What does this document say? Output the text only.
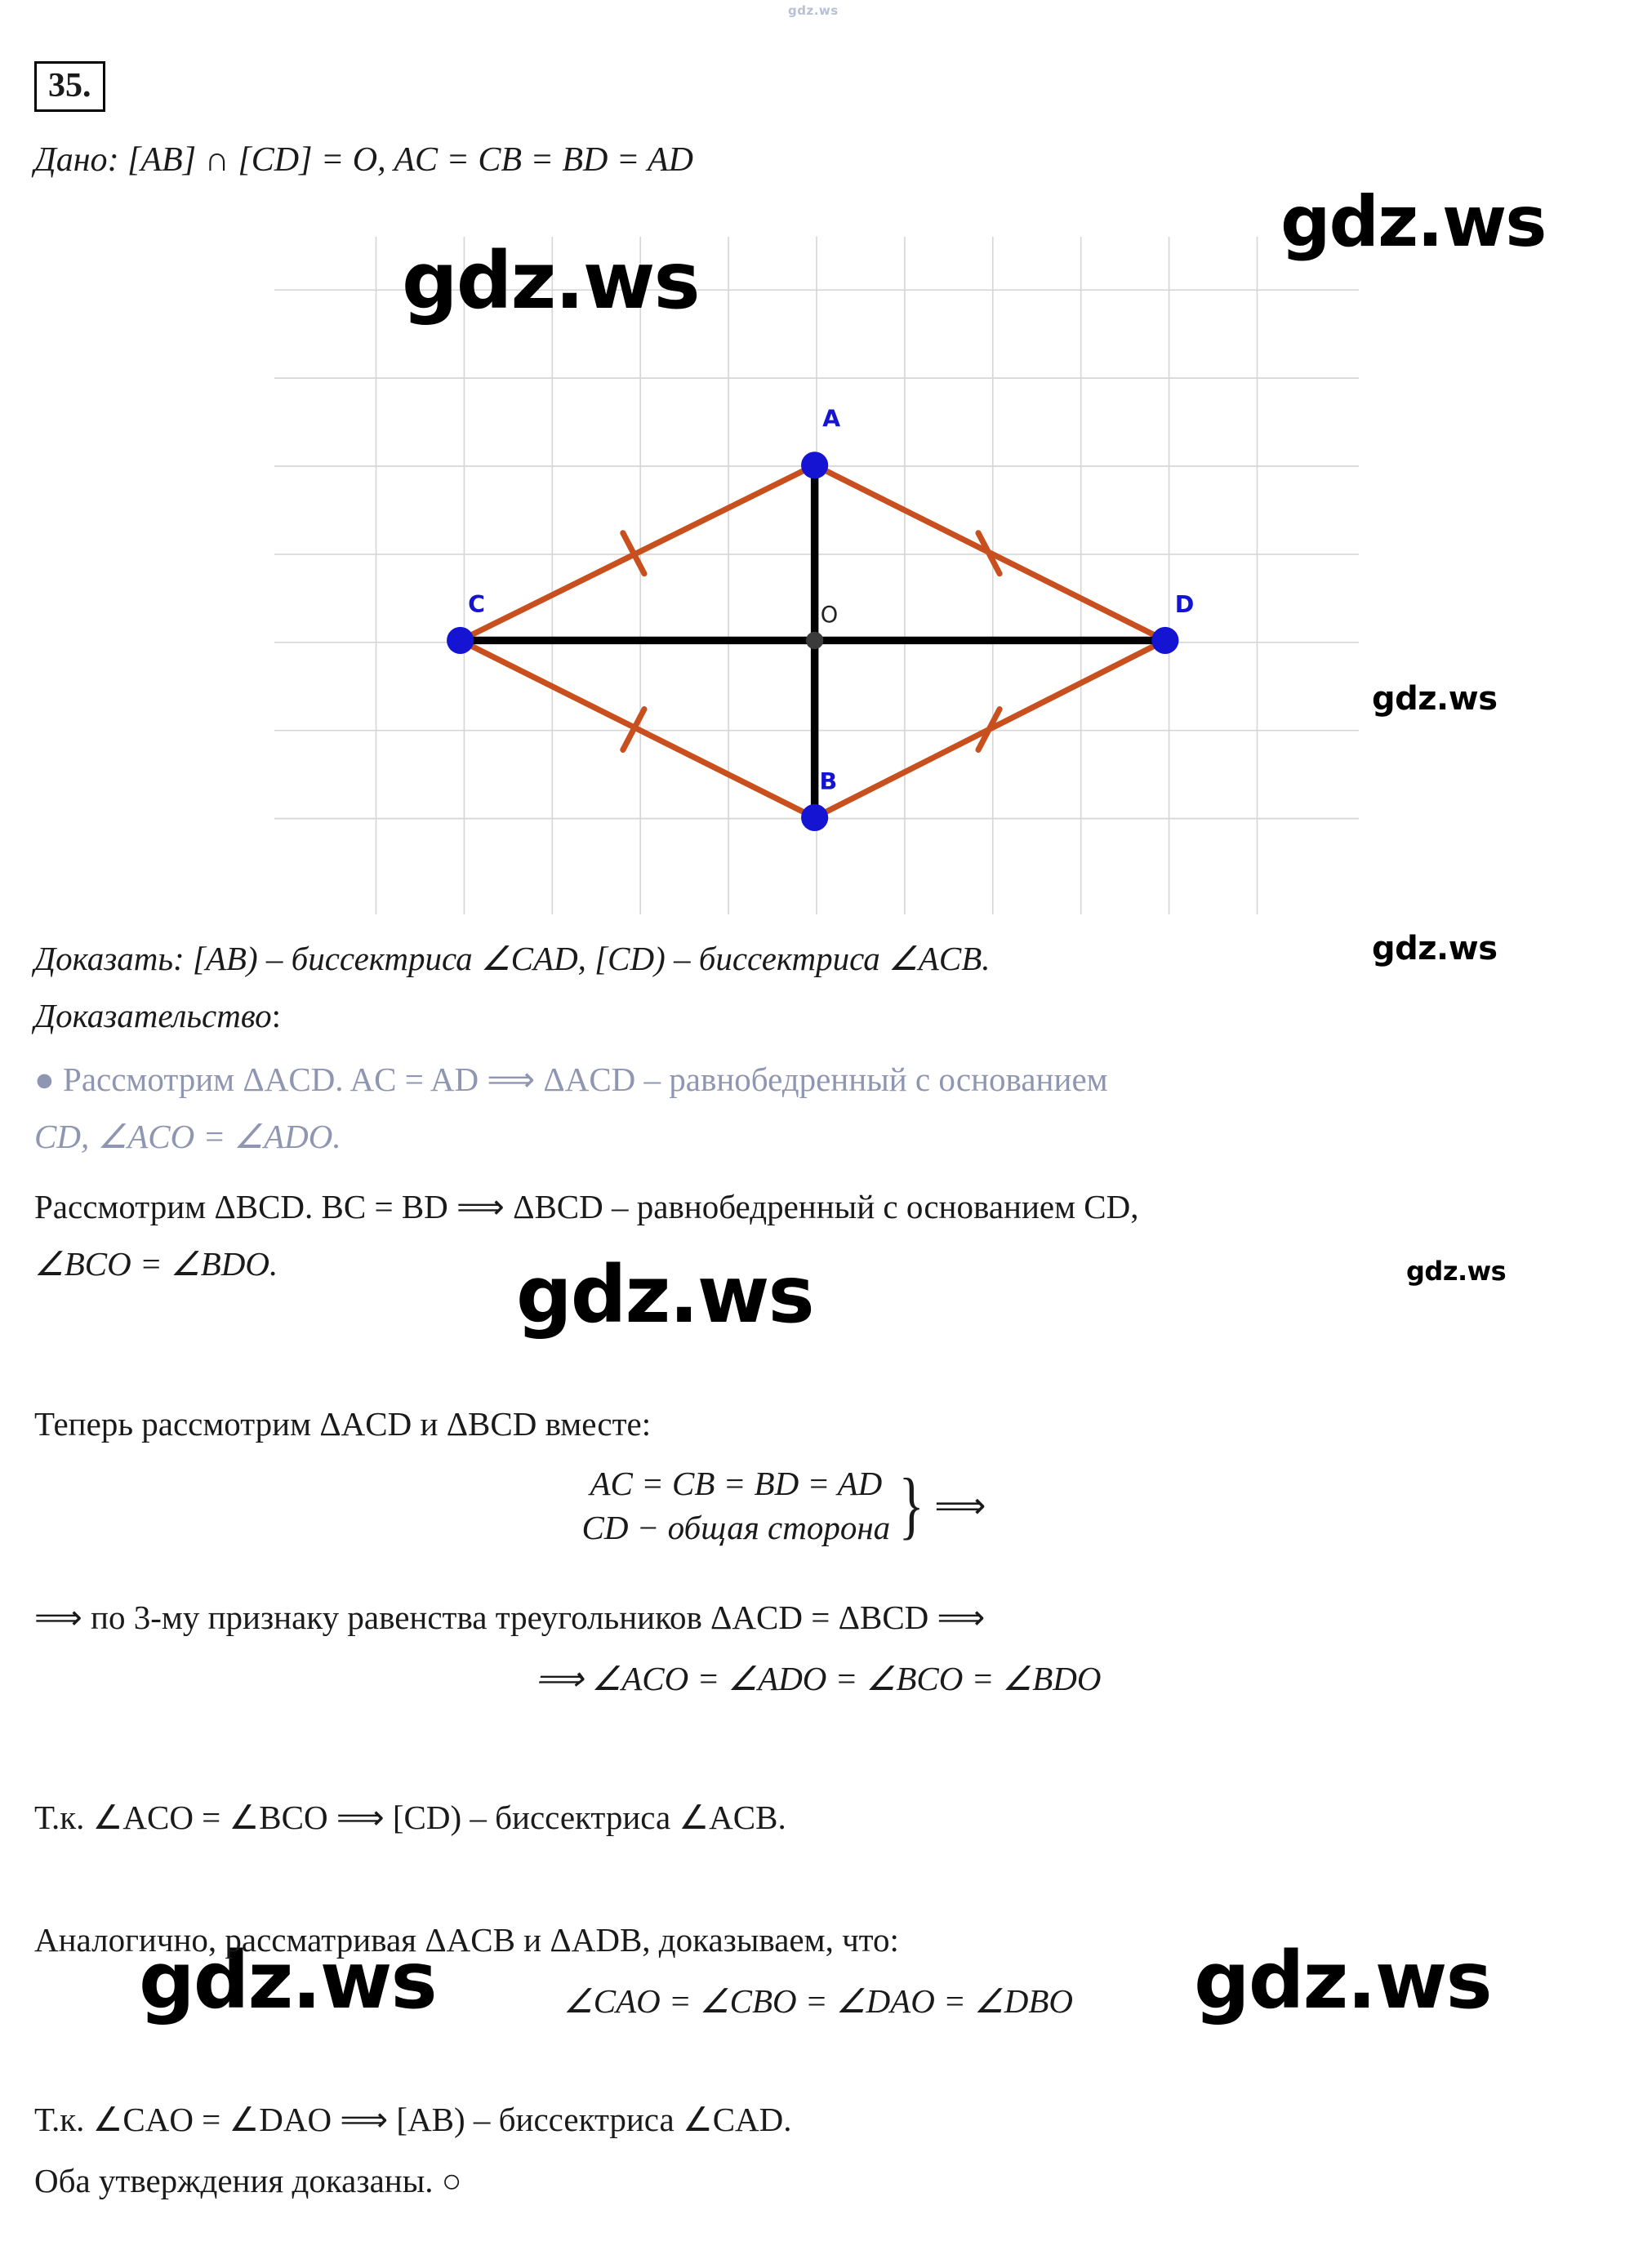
gdz.ws
35.
Дано: [AB] ∩ [CD] = O, AC = CB = BD = AD
A
B
C	D
O
gdz.ws
gdz.ws
gdz.ws
gdz.ws
gdz.ws	gdz.ws
gdz.ws	gdz.ws
Доказать: [AB) – биссектриса ∠CAD, [CD) – биссектриса ∠ACB.
Доказательство:
● Рассмотрим ΔACD. AC = AD ⟹ ΔACD – равнобедренный с основанием
CD, ∠ACO = ∠ADO.
Рассмотрим ΔBCD. BC = BD ⟹ ΔBCD – равнобедренный с основанием CD,
∠BCO = ∠BDO.
Теперь рассмотрим ΔACD и ΔBCD вместе:
AC = CB = BD = AD
CD − общая сторона } ⟹
⟹ по 3-му признаку равенства треугольников ΔACD = ΔBCD ⟹
⟹ ∠ACO = ∠ADO = ∠BCO = ∠BDO
Т.к. ∠ACO = ∠BCO ⟹ [CD) – биссектриса ∠ACB.
Аналогично, рассматривая ΔACB и ΔADB, доказываем, что:
∠CAO = ∠CBO = ∠DAO = ∠DBO
Т.к. ∠CAO = ∠DAO ⟹ [AB) – биссектриса ∠CAD.
Оба утверждения доказаны. ○
